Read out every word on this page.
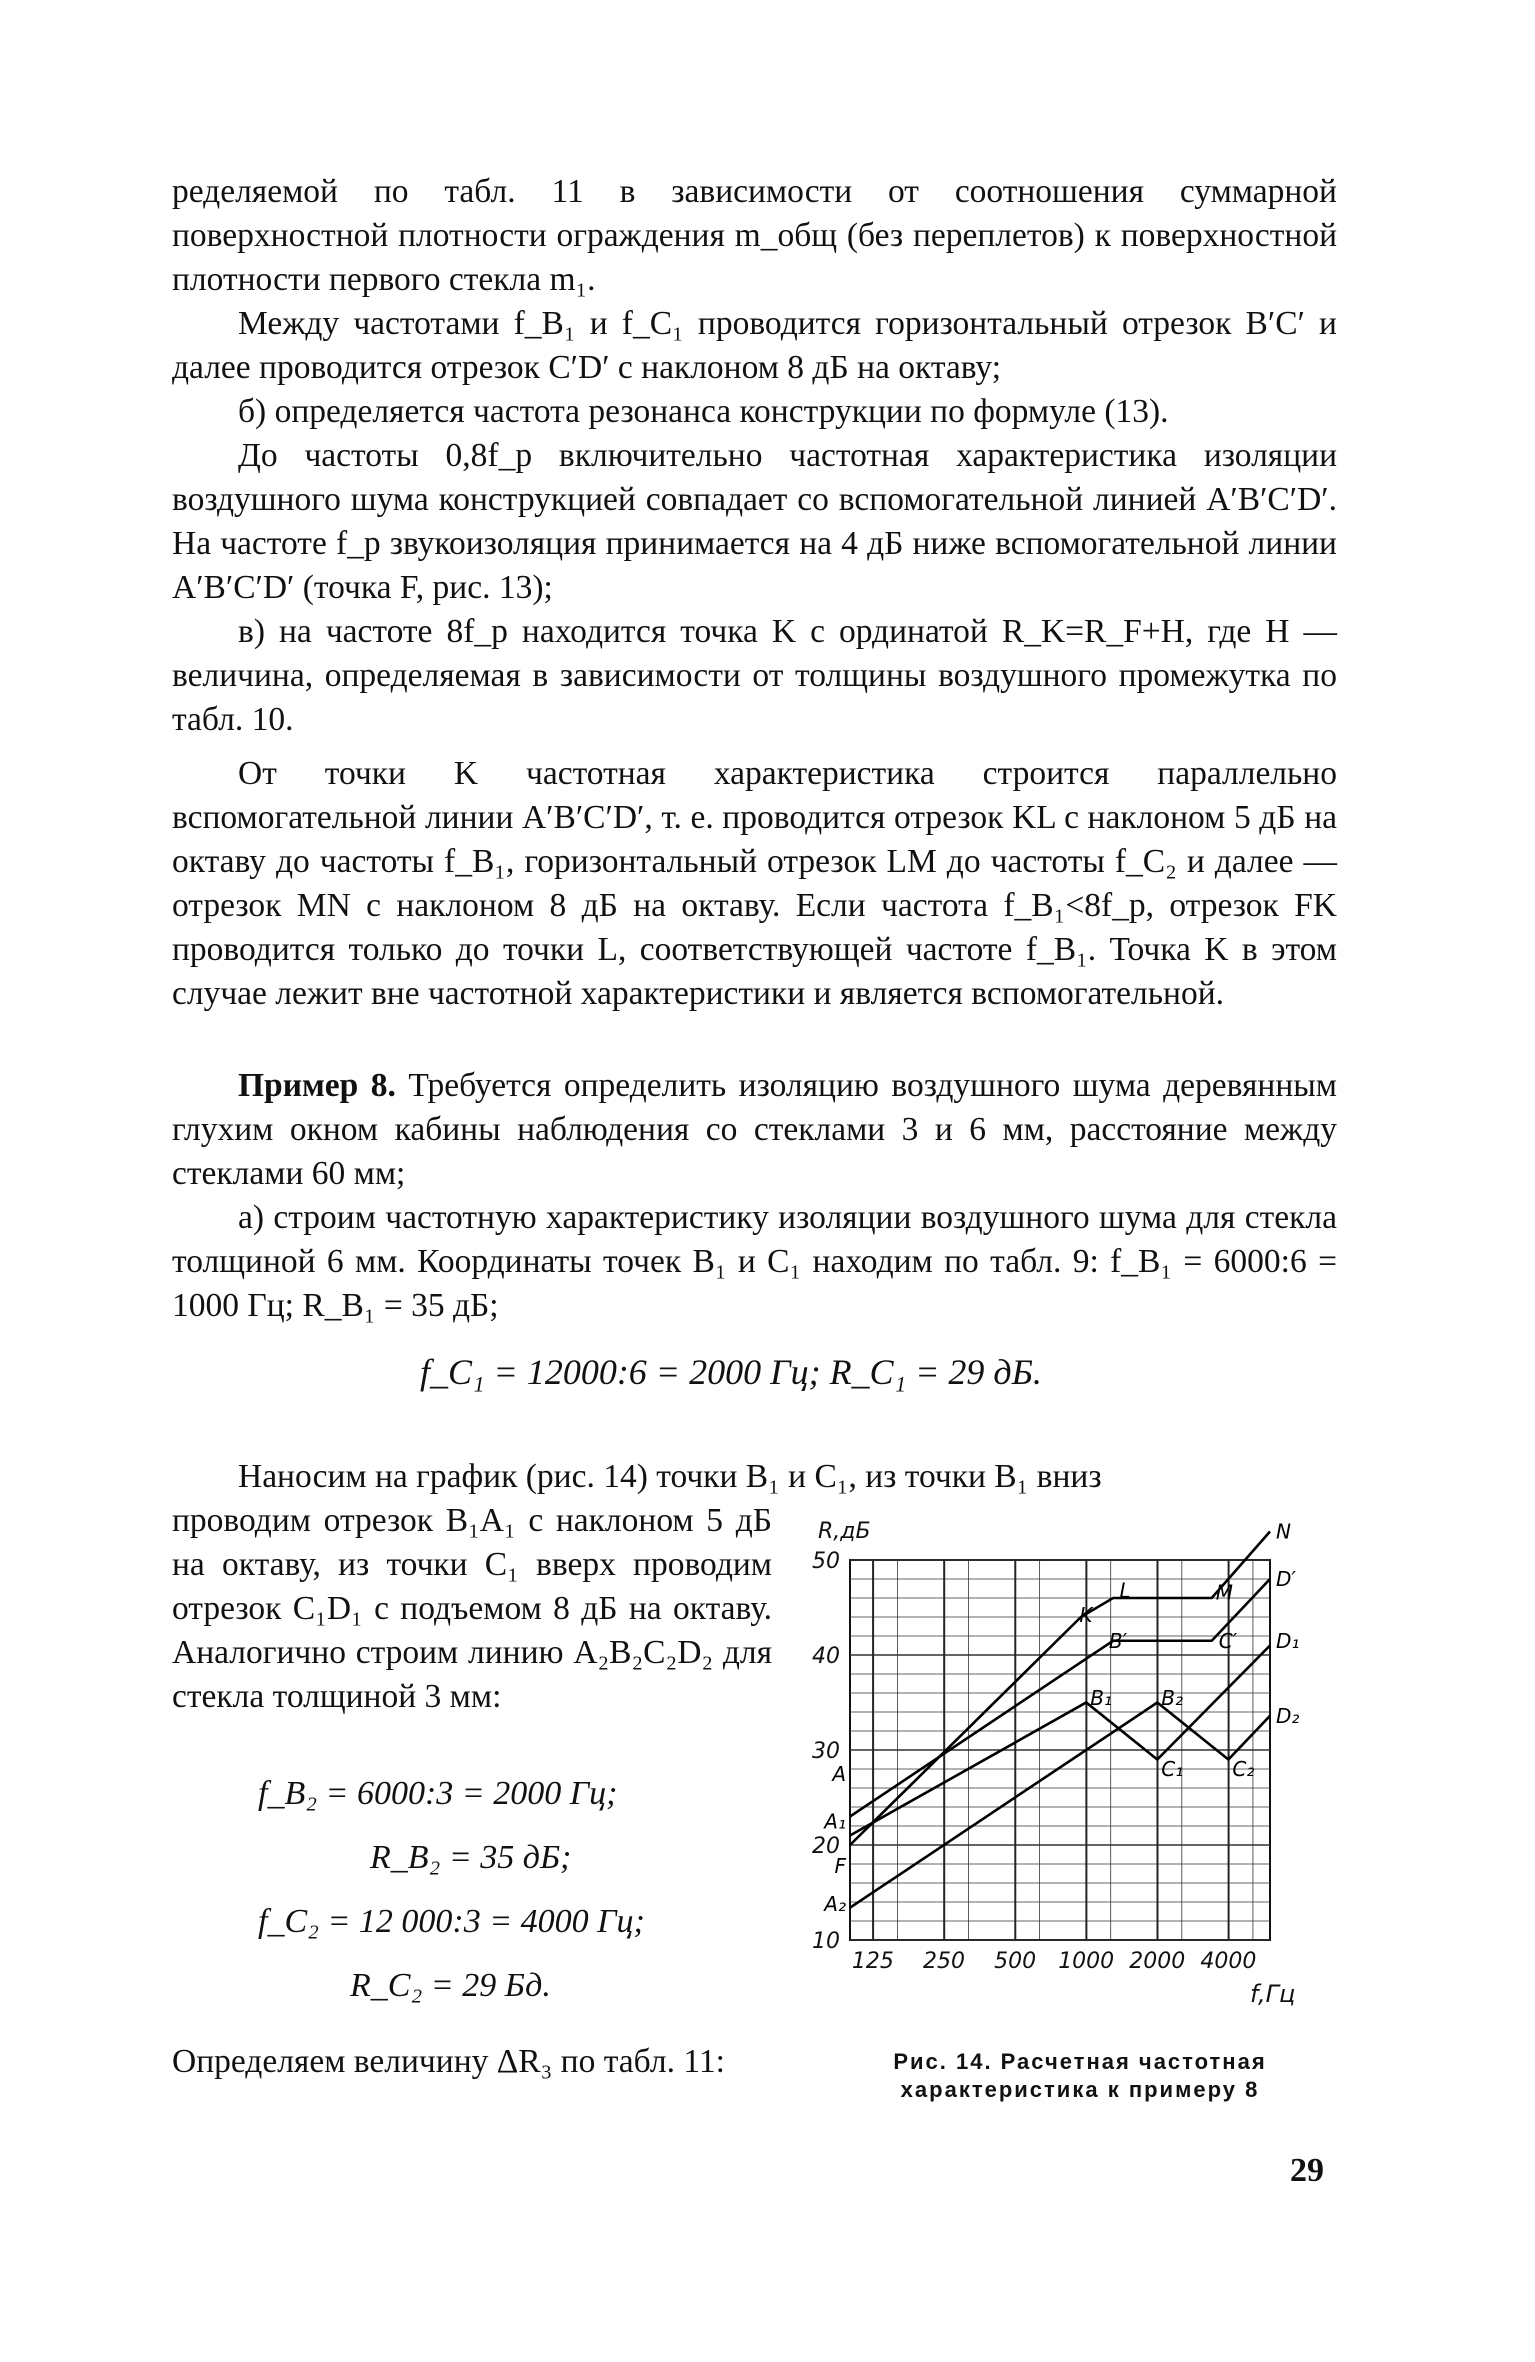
ределяемой по табл. 11 в зависимости от соотношения суммарной поверхностной плотности ограждения m_общ (без переплетов) к поверхностной плотности первого стекла m₁.

Между частотами f_B₁ и f_C₁ проводится горизонтальный отрезок B′C′ и далее проводится отрезок C′D′ с наклоном 8 дБ на октаву;

б) определяется частота резонанса конструкции по формуле (13).

До частоты 0,8f_р включительно частотная характеристика изоляции воздушного шума конструкцией совпадает со вспомогательной линией A′B′C′D′. На частоте f_р звукоизоляция принимается на 4 дБ ниже вспомогательной линии A′B′C′D′ (точка F, рис. 13);

в) на частоте 8f_р находится точка K с ординатой R_K=R_F+H, где H — величина, определяемая в зависимости от толщины воздушного промежутка по табл. 10.

От точки K частотная характеристика строится параллельно вспомогательной линии A′B′C′D′, т. е. проводится отрезок KL с наклоном 5 дБ на октаву до частоты f_B₁, горизонтальный отрезок LM до частоты f_C₂ и далее — отрезок MN с наклоном 8 дБ на октаву. Если частота f_B₁<8f_р, отрезок FK проводится только до точки L, соответствующей частоте f_B₁. Точка K в этом случае лежит вне частотной характеристики и является вспомогательной.

Пример 8. Требуется определить изоляцию воздушного шума деревянным глухим окном кабины наблюдения со стеклами 3 и 6 мм, расстояние между стеклами 60 мм;

а) строим частотную характеристику изоляции воздушного шума для стекла толщиной 6 мм. Координаты точек B₁ и C₁ находим по табл. 9: f_B₁ = 6000:6 = 1000 Гц; R_B₁ = 35 дБ;

f_C₁ = 12000:6 = 2000 Гц; R_C₁ = 29 дБ.

Наносим на график (рис. 14) точки B₁ и C₁, из точки B₁ вниз

проводим отрезок B₁A₁ с наклоном 5 дБ на октаву, из точки C₁ вверх проводим отрезок C₁D₁ с подъемом 8 дБ на октаву. Аналогично строим линию A₂B₂C₂D₂ для стекла толщиной 3 мм:
f_B₂ = 6000:3 = 2000 Гц;
R_B₂ = 35 дБ;
f_C₂ = 12 000:3 = 4000 Гц;
R_C₂ = 29 Бд.
Определяем величину ΔR₃ по табл. 11:
125 250 500 1000 2000 4000
10
20
30
40
50
R,дБ
f,Гц
A
A₁
F
A₂
K
L
B′
B₁ B₂
C₁ C₂
C′
M
N
D′
D₁
D₂
Рис. 14. Расчетная частотная характеристика к примеру 8
29
